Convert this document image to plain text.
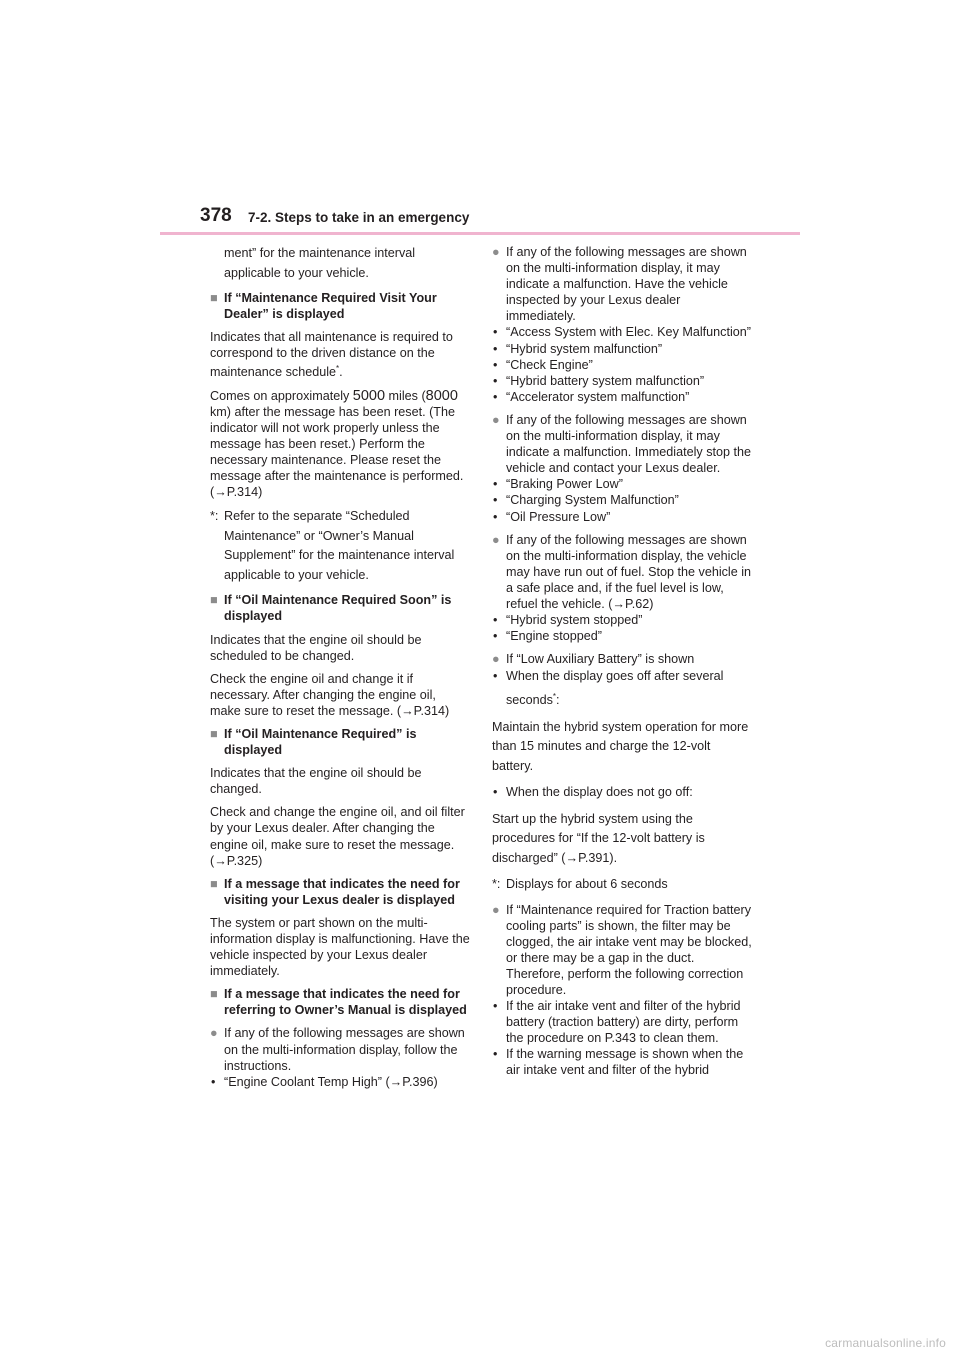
378 7-2. Steps to take in an emergency

ment” for the maintenance interval applicable to your vehicle.

■ If “Maintenance Required Visit Your Dealer” is displayed

Indicates that all maintenance is required to correspond to the driven distance on the maintenance schedule*.

Comes on approximately 5000 miles (8000 km) after the message has been reset. (The indicator will not work properly unless the message has been reset.) Perform the necessary maintenance. Please reset the message after the maintenance is performed. (→P.314)

*: Refer to the separate “Scheduled Maintenance” or “Owner’s Manual Supplement” for the maintenance interval applicable to your vehicle.
■ If “Oil Maintenance Required Soon” is displayed

Indicates that the engine oil should be scheduled to be changed.

Check the engine oil and change it if necessary. After changing the engine oil, make sure to reset the message. (→P.314)

■ If “Oil Maintenance Required” is displayed

Indicates that the engine oil should be changed.

Check and change the engine oil, and oil filter by your Lexus dealer. After changing the engine oil, make sure to reset the message. (→P.325)

■ If a message that indicates the need for visiting your Lexus dealer is displayed

The system or part shown on the multi-information display is malfunctioning. Have the vehicle inspected by your Lexus dealer immediately.

■ If a message that indicates the need for referring to Owner’s Manual is displayed
● If any of the following messages are shown on the multi-information display, follow the instructions.
• “Engine Coolant Temp High” (→P.396)
● If any of the following messages are shown on the multi-information display, it may indicate a malfunction. Have the vehicle inspected by your Lexus dealer immediately.
• “Access System with Elec. Key Malfunction”
• “Hybrid system malfunction”
• “Check Engine”
• “Hybrid battery system malfunction”
• “Accelerator system malfunction”
● If any of the following messages are shown on the multi-information display, it may indicate a malfunction. Immediately stop the vehicle and contact your Lexus dealer.
• “Braking Power Low”
• “Charging System Malfunction”
• “Oil Pressure Low”
● If any of the following messages are shown on the multi-information display, the vehicle may have run out of fuel. Stop the vehicle in a safe place and, if the fuel level is low, refuel the vehicle. (→P.62)
• “Hybrid system stopped”
• “Engine stopped”
● If “Low Auxiliary Battery” is shown
• When the display goes off after several seconds*:

Maintain the hybrid system operation for more than 15 minutes and charge the 12-volt battery.

• When the display does not go off:

Start up the hybrid system using the procedures for “If the 12-volt battery is discharged” (→P.391).

*: Displays for about 6 seconds
● If “Maintenance required for Traction battery cooling parts” is shown, the filter may be clogged, the air intake vent may be blocked, or there may be a gap in the duct. Therefore, perform the following correction procedure.
• If the air intake vent and filter of the hybrid battery (traction battery) are dirty, perform the procedure on P.343 to clean them.
• If the warning message is shown when the air intake vent and filter of the hybrid
carmanualsonline.info
